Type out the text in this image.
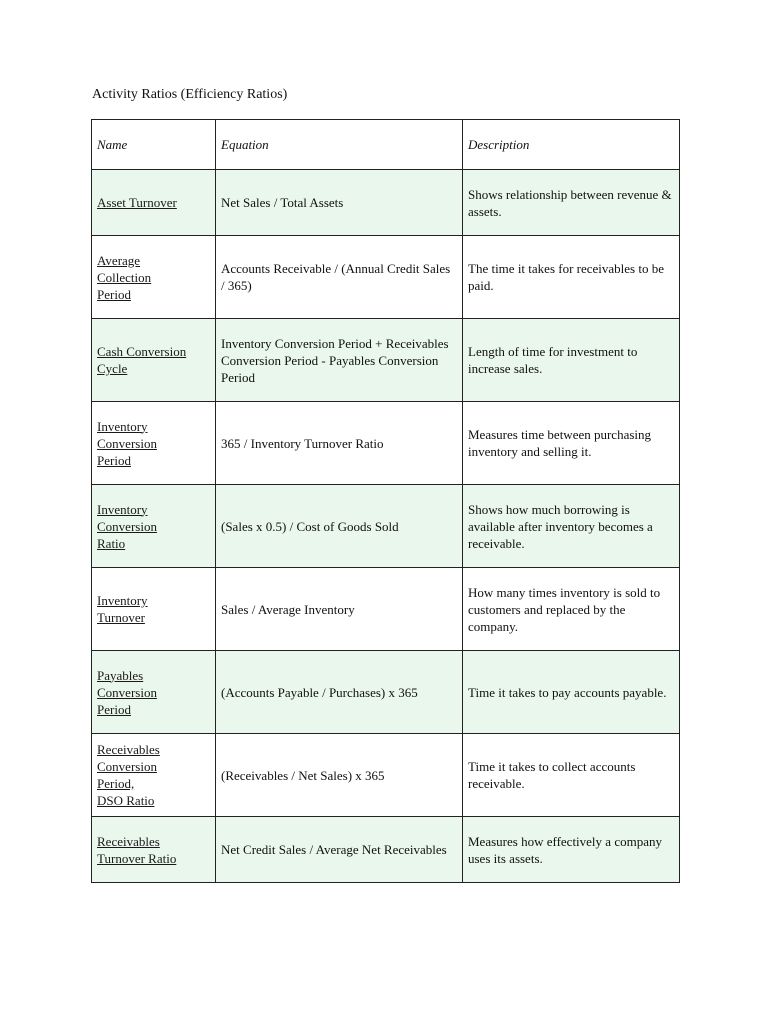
Activity Ratios (Efficiency Ratios)
Name	Equation	Description
Asset Turnover	Net Sales / Total Assets	Shows relationship between revenue & assets.
Average
Collection
Period	Accounts Receivable / (Annual Credit Sales / 365)	The time it takes for receivables to be paid.
Cash Conversion Cycle	Inventory Conversion Period + Receivables Conversion Period - Payables Conversion Period	Length of time for investment to increase sales.
Inventory
Conversion
Period	365 / Inventory Turnover Ratio	Measures time between purchasing inventory and selling it.
Inventory
Conversion
Ratio	(Sales x 0.5) / Cost of Goods Sold	Shows how much borrowing is available after inventory becomes a receivable.
Inventory
Turnover	Sales / Average Inventory	How many times inventory is sold to customers and replaced by the company.
Payables
Conversion
Period	(Accounts Payable / Purchases) x 365	Time it takes to pay accounts payable.
Receivables
Conversion
Period,
DSO Ratio	(Receivables / Net Sales) x 365	Time it takes to collect accounts receivable.
Receivables
Turnover Ratio	Net Credit Sales / Average Net Receivables	Measures how effectively a company uses its assets.
